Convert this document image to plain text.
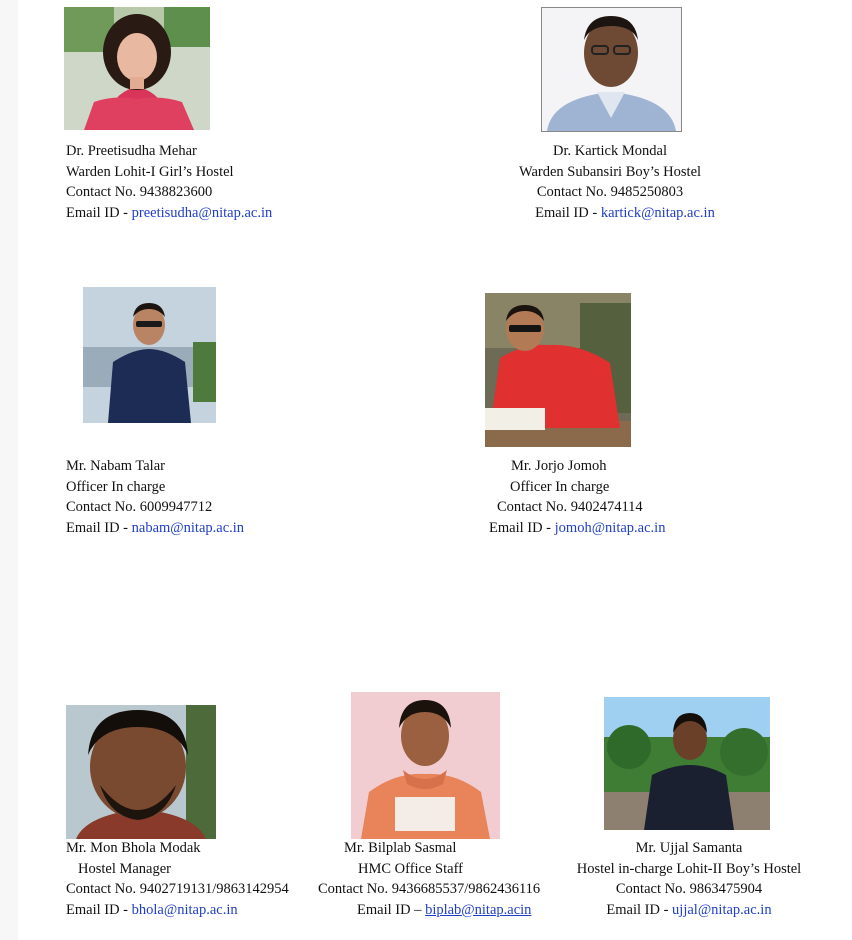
Dr. Preetisudha Mehar
Warden Lohit-I Girl’s Hostel
Contact No. 9438823600
Email ID - preetisudha@nitap.ac.in
Dr. Kartick Mondal
Warden Subansiri Boy’s Hostel
Contact No. 9485250803
Email ID - kartick@nitap.ac.in
Mr. Nabam Talar
Officer In charge
Contact No. 6009947712
Email ID - nabam@nitap.ac.in
Mr. Jorjo Jomoh
Officer In charge
Contact No. 9402474114
Email ID - jomoh@nitap.ac.in
Mr. Mon Bhola Modak
Hostel Manager
Contact No. 9402719131/9863142954
Email ID - bhola@nitap.ac.in
Mr. Bilplab Sasmal
HMC Office Staff
Contact No. 9436685537/9862436116
Email ID – biplab@nitap.acin
Mr. Ujjal Samanta
Hostel in-charge Lohit-II Boy’s Hostel
Contact No. 9863475904
Email ID - ujjal@nitap.ac.in
